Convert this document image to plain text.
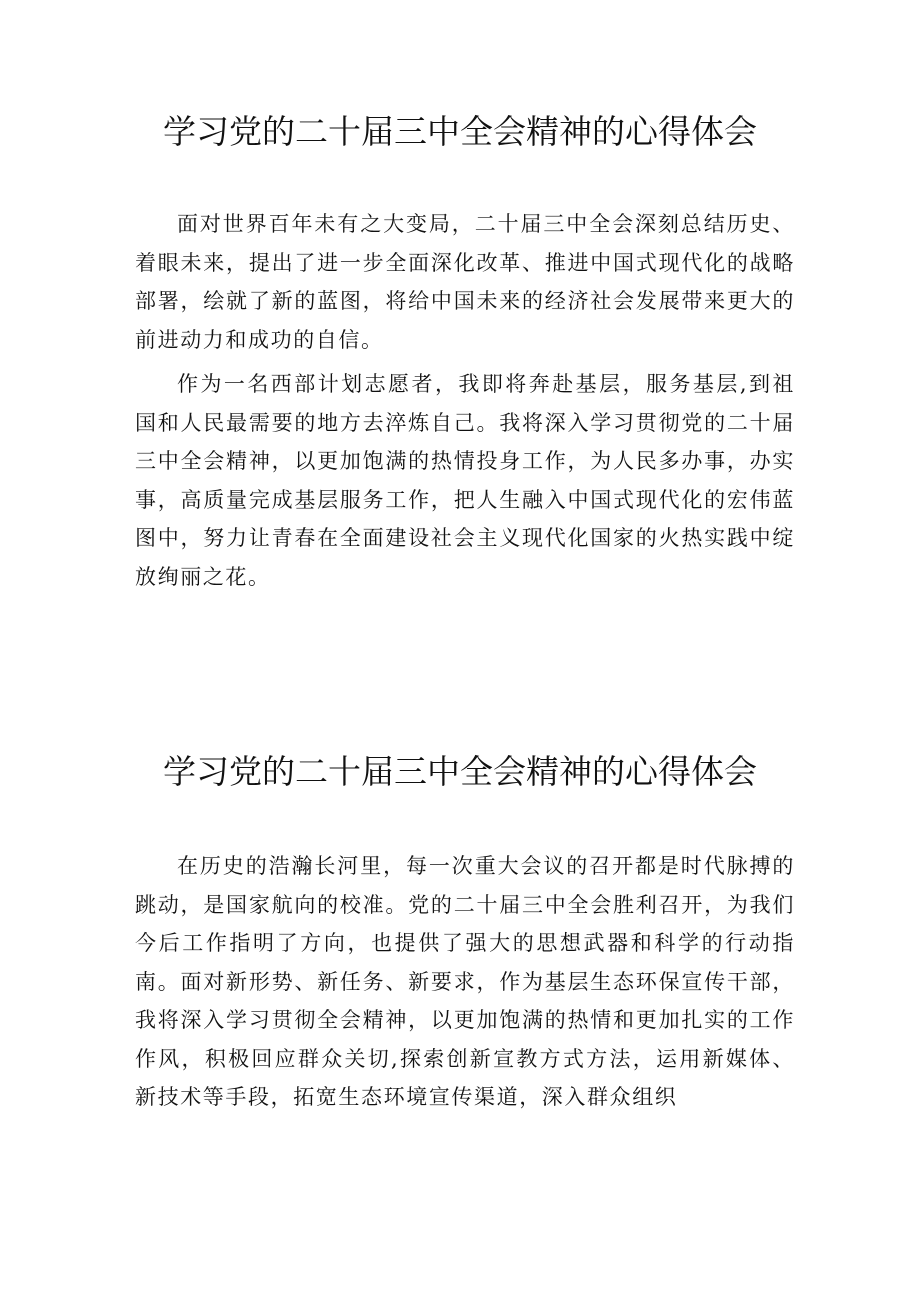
学习党的二十届三中全会精神的心得体会

面对世界百年未有之大变局，二十届三中全会深刻总结历史、着眼未来，提出了进一步全面深化改革、推进中国式现代化的战略部署，绘就了新的蓝图，将给中国未来的经济社会发展带来更大的前进动力和成功的自信。

作为一名西部计划志愿者，我即将奔赴基层，服务基层,到祖国和人民最需要的地方去淬炼自己。我将深入学习贯彻党的二十届三中全会精神，以更加饱满的热情投身工作，为人民多办事，办实事，高质量完成基层服务工作，把人生融入中国式现代化的宏伟蓝图中，努力让青春在全面建设社会主义现代化国家的火热实践中绽放绚丽之花。

学习党的二十届三中全会精神的心得体会

在历史的浩瀚长河里，每一次重大会议的召开都是时代脉搏的跳动，是国家航向的校准。党的二十届三中全会胜利召开，为我们今后工作指明了方向，也提供了强大的思想武器和科学的行动指南。面对新形势、新任务、新要求，作为基层生态环保宣传干部，我将深入学习贯彻全会精神，以更加饱满的热情和更加扎实的工作作风，积极回应群众关切,探索创新宣教方式方法，运用新媒体、新技术等手段，拓宽生态环境宣传渠道，深入群众组织
